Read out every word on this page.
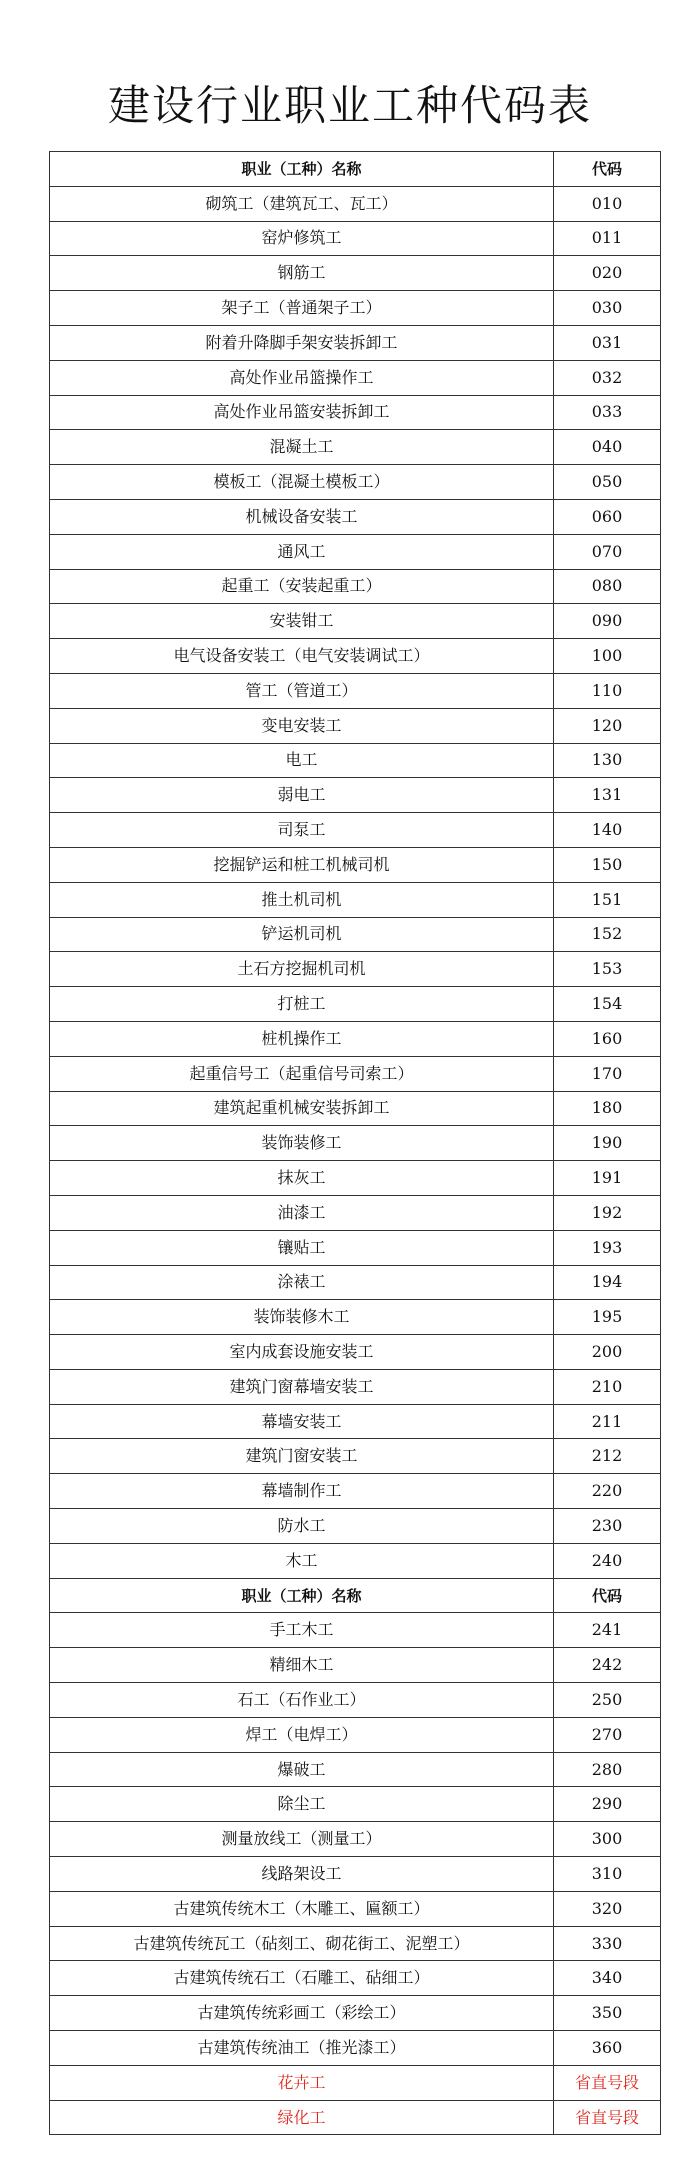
建设行业职业工种代码表
职业（工种）名称	代码
砌筑工（建筑瓦工、瓦工）	010
窑炉修筑工	011
钢筋工	020
架子工（普通架子工）	030
附着升降脚手架安装拆卸工	031
高处作业吊篮操作工	032
高处作业吊篮安装拆卸工	033
混凝土工	040
模板工（混凝土模板工）	050
机械设备安装工	060
通风工	070
起重工（安装起重工）	080
安装钳工	090
电气设备安装工（电气安装调试工）	100
管工（管道工）	110
变电安装工	120
电工	130
弱电工	131
司泵工	140
挖掘铲运和桩工机械司机	150
推土机司机	151
铲运机司机	152
土石方挖掘机司机	153
打桩工	154
桩机操作工	160
起重信号工（起重信号司索工）	170
建筑起重机械安装拆卸工	180
装饰装修工	190
抹灰工	191
油漆工	192
镶贴工	193
涂裱工	194
装饰装修木工	195
室内成套设施安装工	200
建筑门窗幕墙安装工	210
幕墙安装工	211
建筑门窗安装工	212
幕墙制作工	220
防水工	230
木工	240
职业（工种）名称	代码
手工木工	241
精细木工	242
石工（石作业工）	250
焊工（电焊工）	270
爆破工	280
除尘工	290
测量放线工（测量工）	300
线路架设工	310
古建筑传统木工（木雕工、匾额工）	320
古建筑传统瓦工（砧刻工、砌花街工、泥塑工）	330
古建筑传统石工（石雕工、砧细工）	340
古建筑传统彩画工（彩绘工）	350
古建筑传统油工（推光漆工）	360
花卉工	省直号段
绿化工	省直号段
